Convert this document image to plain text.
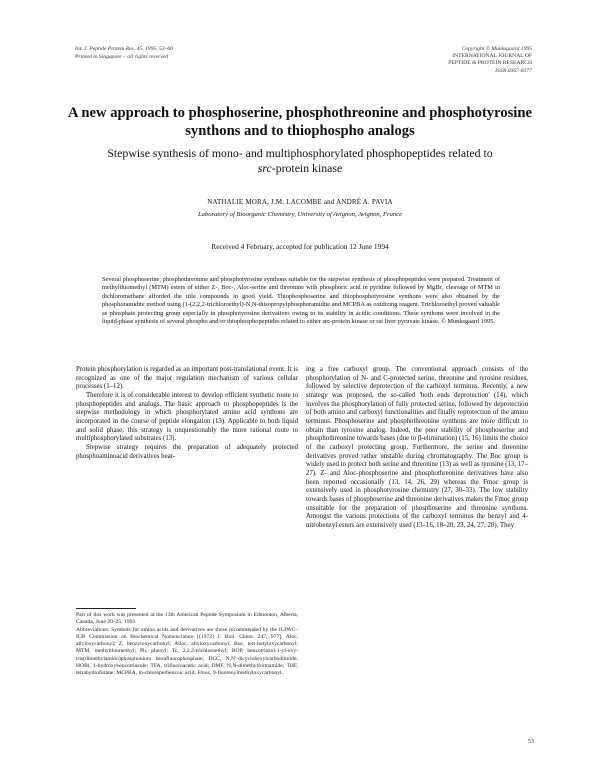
Int. J. Peptide Protein Res. 45, 1995, 53–60
Printed in Singapore – all rights reserved
Copyright © Munksgaard 1995
INTERNATIONAL JOURNAL OF
PEPTIDE & PROTEIN RESEARCH
ISSN 0367-8377
A new approach to phosphoserine, phosphothreonine and phosphotyrosine synthons and to thiophospho analogs
Stepwise synthesis of mono- and multiphosphorylated phosphopeptides related to
src-protein kinase
NATHALIE MORA, J.M. LACOMBE and ANDRÉ A. PAVIA
Laboratory of Bioorganic Chemistry, University of Avignon, Avignon, France
Received 4 February, accepted for publication 12 June 1994
Several phosphoserine, phosphothreonine and phosphotyrosine synthons suitable for the stepwise synthesis of phosphopeptides were prepared. Treatment of methylthiomethyl (MTM) esters of either Z-, Boc-, Aloc-serine and threonine with phosphoric acid in pyridine followed by MgBr₂ cleavage of MTM in dichloromethane afforded the title compounds in good yield. Thiophosphoserine and thiophosphotyrosine synthons were also obtained by the phosphoramidite method using (1-(2,2,2-trichloroethyl)-N,N-diisopropylphosphoramidite and MCPBA as oxidizing reagent. Trichloroethyl proved valuable as phosphate protecting group especially in phosphotyrosine derivatives owing to its stability in acidic conditions. These synthons were involved in the liquid-phase synthesis of several phospho and/or thiophosphopeptides related to either src-protein kinase or rat liver pyruvate kinase. © Munksgaard 1995.

Protein phosphorylation is regarded as an important post-translational event. It is recognized as one of the major regulation mechanism of various cellular processes (1–12).

Therefore it is of considerable interest to develop efficient synthetic route to phosphopeptides and analogs. The basic approach to phosphopeptides is the stepwise methodology in which phosphorylated amino acid synthons are incorporated in the course of peptide elongation (13). Applicable to both liquid and solid phase, this strategy is unquestionably the more rational route to multiphosphorylated substrates (13).

Stepwise strategy requires the preparation of adequately protected phosphoaminoacid derivatives bear-

ing a free carboxyl group. The conventional approach consists of the phosphorylation of N- and C-protected serine, threonine and tyrosine residues, followed by selective deprotection of the carboxyl terminus. Recently, a new strategy was proposed, the so-called 'both ends deprotection' (14), which involves the phosphorylation of fully protected serine, followed by deprotection of both amino and carboxyl functionalities and finally reprotection of the amino terminus. Phosphoserine and phosphothreonine synthons are more difficult to obtain than tyrosine analog. Indeed, the poor stability of phosphoserine and phosphothreonine towards bases (due to β-elimination) (15, 16) limits the choice of the carboxyl protecting group. Furthermore, the serine and threonine derivatives proved rather unstable during chromatography. The Boc group is widely used to protect both serine and threonine (13) as well as tyrosine (13, 17–27). Z- and Aloc-phosphoserine and phosphothreonine derivatives have also been reported occasionally (13, 14, 26, 29) whereas the Fmoc group is extensively used in phosphotyrosine chemistry (27, 30–33). The low stability towards bases of phosphoserine and threonine derivatives makes the Fmoc group unsuitable for the preparation of phosphoserine and threonine synthons. Amongst the various protections of the carboxyl terminus the benzyl and 4-nitrobenzyl esters are extensively used (13–16, 18–20, 23, 24, 27, 28). They

Part of this work was presented at the 13th American Peptide Symposium in Edmonton, Alberta, Canada, June 20–25, 1993.

Abbreviations: Symbols for amino acids and derivatives are those recommended by the IUPAC–IUB Commission on Biochemical Nomenclature [(1972) J. Biol. Chem. 247, 977]. Aloc, allyloxycarbonyl; Z, benzyloxycarbonyl; Alloc, allyloxycarbonyl; Boc, tert-butyloxycarbonyl; MTM, methylthiomethyl; Ph, phenyl; Tc, 2,2,2-trichloroethyl; BOP, benzotriazol-1-yl-oxy-tris(dimethylamino)phosphonium hexafluorophosphate; DCC, N,N'-dicyclohexylcarbodiimide; HOBt, 1-hydroxybenzotriazole; TFA, trifluoroacetic acid; DMF, N,N-dimethylformamide; THF, tetrahydrofurane; MCPBA, m-chloroperbenzoic acid; Fmoc, 9-fluorenylmethyloxycarbonyl.

53
